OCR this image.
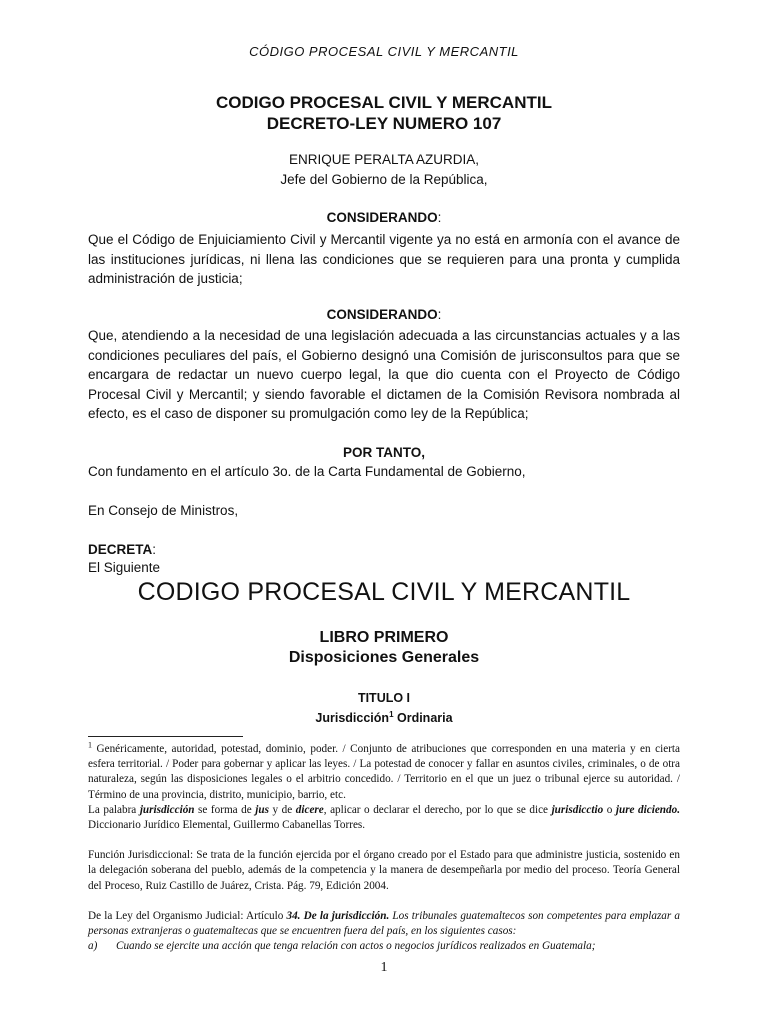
CÓDIGO PROCESAL CIVIL Y MERCANTIL
CODIGO PROCESAL CIVIL Y MERCANTIL
DECRETO-LEY NUMERO 107
ENRIQUE PERALTA AZURDIA,
Jefe del Gobierno de la República,
CONSIDERANDO:
Que el Código de Enjuiciamiento Civil y Mercantil vigente ya no está en armonía con el avance de las instituciones jurídicas, ni llena las condiciones que se requieren para una pronta y cumplida administración de justicia;
CONSIDERANDO:
Que, atendiendo a la necesidad de una legislación adecuada a las circunstancias actuales y a las condiciones peculiares del país, el Gobierno designó una Comisión de jurisconsultos para que se encargara de redactar un nuevo cuerpo legal, la que dio cuenta con el Proyecto de Código Procesal Civil y Mercantil; y siendo favorable el dictamen de la Comisión Revisora nombrada al efecto, es el caso de disponer su promulgación como ley de la República;
POR TANTO,
Con fundamento en el artículo 3o. de la Carta Fundamental de Gobierno,
En Consejo de Ministros,
DECRETA:
El Siguiente
CODIGO PROCESAL CIVIL Y MERCANTIL
LIBRO PRIMERO
Disposiciones Generales
TITULO I
Jurisdicción$^1$ Ordinaria

$^1$ Genéricamente, autoridad, potestad, dominio, poder. / Conjunto de atribuciones que corresponden en una materia y en cierta esfera territorial. / Poder para gobernar y aplicar las leyes. / La potestad de conocer y fallar en asuntos civiles, criminales, o de otra naturaleza, según las disposiciones legales o el arbitrio concedido. / Territorio en el que un juez o tribunal ejerce su autoridad. / Término de una provincia, distrito, municipio, barrio, etc.

La palabra jurisdicción se forma de jus y de dicere, aplicar o declarar el derecho, por lo que se dice jurisdicctio o jure diciendo. Diccionario Jurídico Elemental, Guillermo Cabanellas Torres.

Función Jurisdiccional: Se trata de la función ejercida por el órgano creado por el Estado para que administre justicia, sostenido en la delegación soberana del pueblo, además de la competencia y la manera de desempeñarla por medio del proceso. Teoría General del Proceso, Ruiz Castillo de Juárez, Crista. Pág. 79, Edición 2004.

De la Ley del Organismo Judicial: Artículo 34. De la jurisdicción. Los tribunales guatemaltecos son competentes para emplazar a personas extranjeras o guatemaltecas que se encuentren fuera del país, en los siguientes casos:

a) Cuando se ejercite una acción que tenga relación con actos o negocios jurídicos realizados en Guatemala;

1
